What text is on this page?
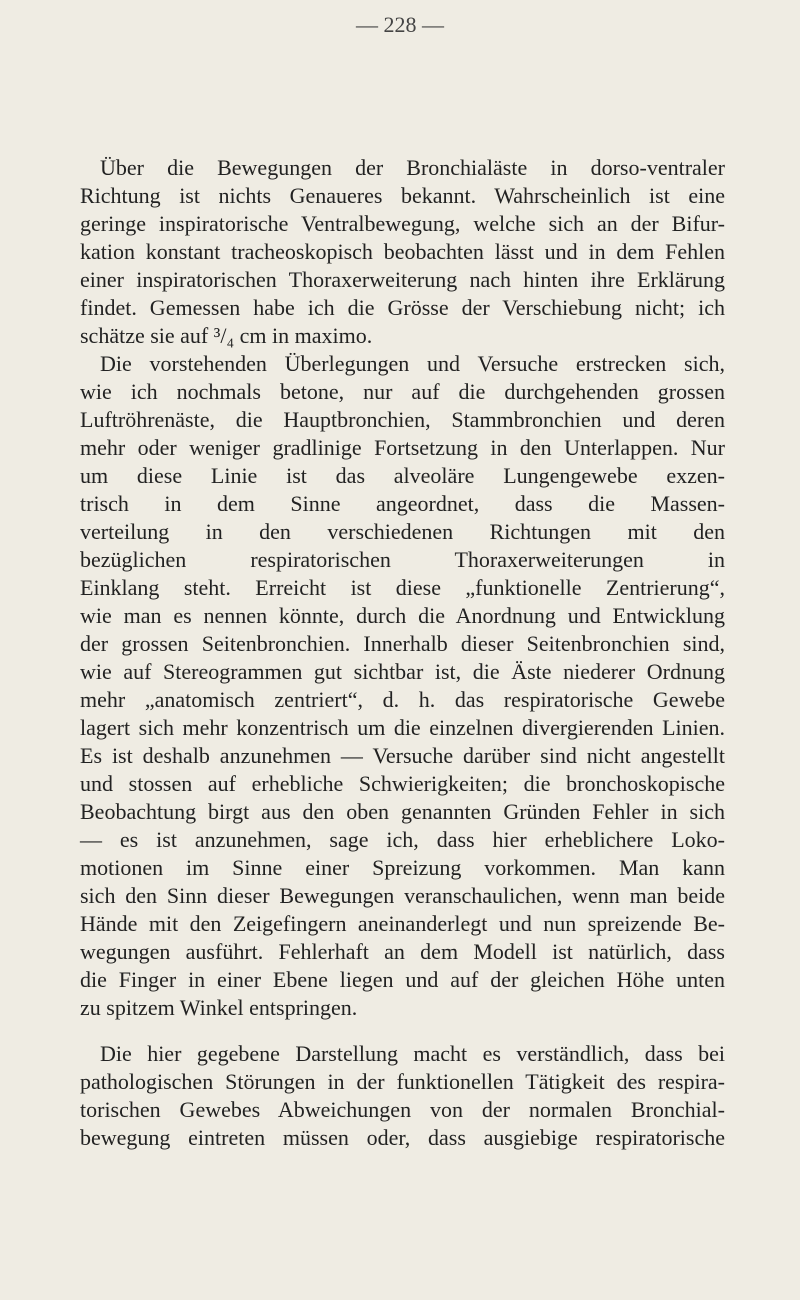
— 228 —
Über die Bewegungen der Bronchialäste in dorso-ventraler
Richtung ist nichts Genaueres bekannt. Wahrscheinlich ist eine
geringe inspiratorische Ventralbewegung, welche sich an der Bifur-
kation konstant tracheoskopisch beobachten lässt und in dem Fehlen
einer inspiratorischen Thoraxerweiterung nach hinten ihre Erklärung
findet. Gemessen habe ich die Grösse der Verschiebung nicht; ich
schätze sie auf ³/₄ cm in maximo.
Die vorstehenden Überlegungen und Versuche erstrecken sich,
wie ich nochmals betone, nur auf die durchgehenden grossen
Luftröhrenäste, die Hauptbronchien, Stammbronchien und deren
mehr oder weniger gradlinige Fortsetzung in den Unterlappen. Nur
um diese Linie ist das alveoläre Lungengewebe exzen-
trisch in dem Sinne angeordnet, dass die Massen-
verteilung in den verschiedenen Richtungen mit den
bezüglichen respiratorischen Thoraxerweiterungen in
Einklang steht. Erreicht ist diese „funktionelle Zentrierung“,
wie man es nennen könnte, durch die Anordnung und Entwicklung
der grossen Seitenbronchien. Innerhalb dieser Seitenbronchien sind,
wie auf Stereogrammen gut sichtbar ist, die Äste niederer Ordnung
mehr „anatomisch zentriert“, d. h. das respiratorische Gewebe
lagert sich mehr konzentrisch um die einzelnen divergierenden Linien.
Es ist deshalb anzunehmen — Versuche darüber sind nicht angestellt
und stossen auf erhebliche Schwierigkeiten; die bronchoskopische
Beobachtung birgt aus den oben genannten Gründen Fehler in sich
— es ist anzunehmen, sage ich, dass hier erheblichere Loko-
motionen im Sinne einer Spreizung vorkommen. Man kann
sich den Sinn dieser Bewegungen veranschaulichen, wenn man beide
Hände mit den Zeigefingern aneinanderlegt und nun spreizende Be-
wegungen ausführt. Fehlerhaft an dem Modell ist natürlich, dass
die Finger in einer Ebene liegen und auf der gleichen Höhe unten
zu spitzem Winkel entspringen.
Die hier gegebene Darstellung macht es verständlich, dass bei
pathologischen Störungen in der funktionellen Tätigkeit des respira-
torischen Gewebes Abweichungen von der normalen Bronchial-
bewegung eintreten müssen oder, dass ausgiebige respiratorische
